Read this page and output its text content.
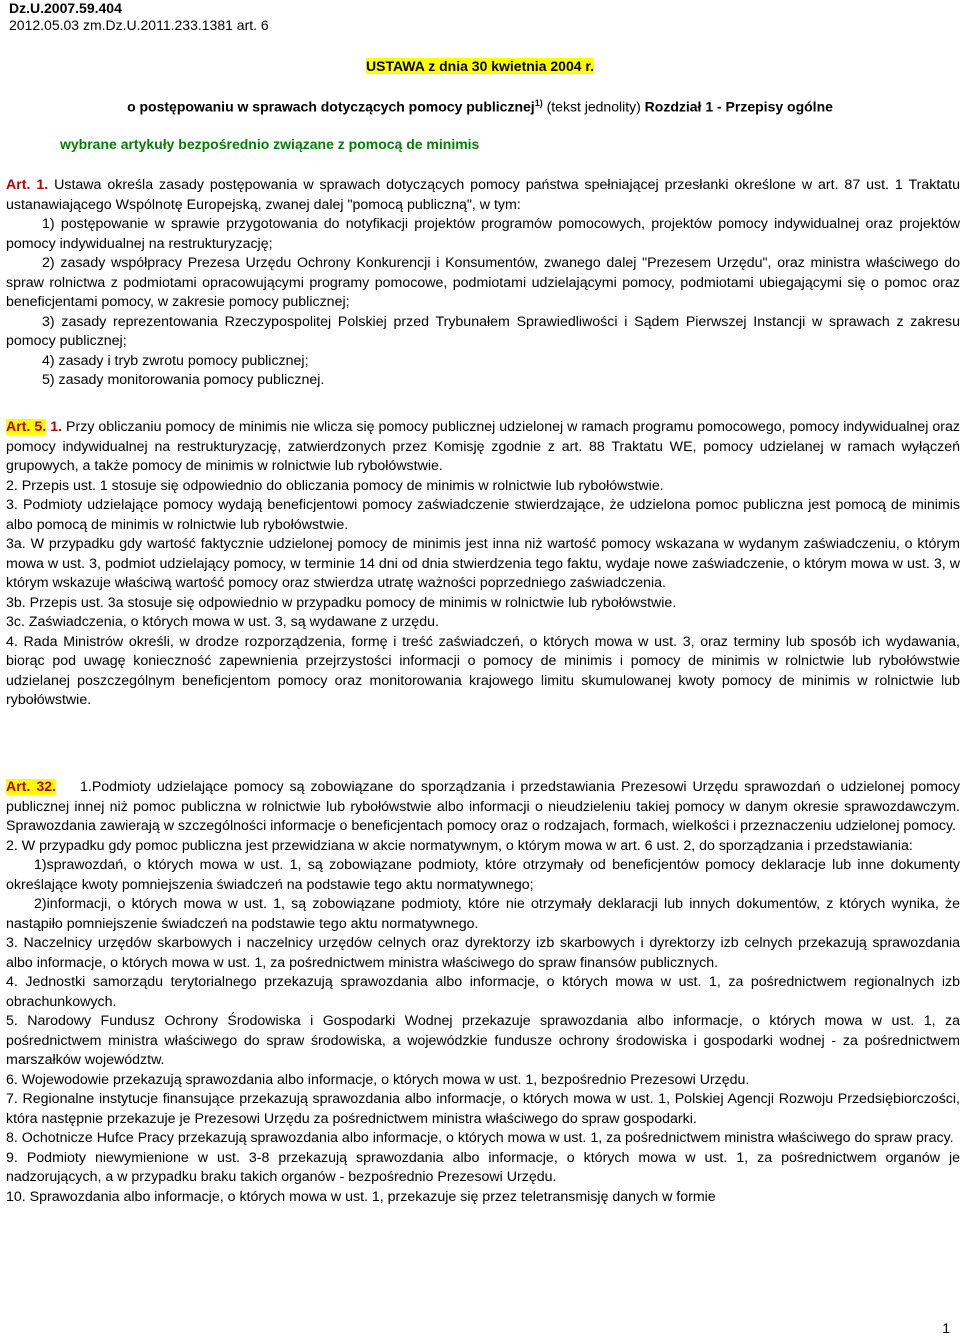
Dz.U.2007.59.404
2012.05.03 zm.Dz.U.2011.233.1381 art. 6
USTAWA z dnia 30 kwietnia 2004 r.
o postępowaniu w sprawach dotyczących pomocy publicznej$^{1)}$ (tekst jednolity) Rozdział 1 - Przepisy ogólne
wybrane artykuły bezpośrednio związane z pomocą de minimis

Art. 1. Ustawa określa zasady postępowania w sprawach dotyczących pomocy państwa spełniającej przesłanki określone w art. 87 ust. 1 Traktatu ustanawiającego Wspólnotę Europejską, zwanej dalej "pomocą publiczną", w tym:

1) postępowanie w sprawie przygotowania do notyfikacji projektów programów pomocowych, projektów pomocy indywidualnej oraz projektów pomocy indywidualnej na restrukturyzację;

2) zasady współpracy Prezesa Urzędu Ochrony Konkurencji i Konsumentów, zwanego dalej "Prezesem Urzędu", oraz ministra właściwego do spraw rolnictwa z podmiotami opracowującymi programy pomocowe, podmiotami udzielającymi pomocy, podmiotami ubiegającymi się o pomoc oraz beneficjentami pomocy, w zakresie pomocy publicznej;

3) zasady reprezentowania Rzeczypospolitej Polskiej przed Trybunałem Sprawiedliwości i Sądem Pierwszej Instancji w sprawach z zakresu pomocy publicznej;

4) zasady i tryb zwrotu pomocy publicznej;

5) zasady monitorowania pomocy publicznej.

Art. 5. 1. Przy obliczaniu pomocy de minimis nie wlicza się pomocy publicznej udzielonej w ramach programu pomocowego, pomocy indywidualnej oraz pomocy indywidualnej na restrukturyzację, zatwierdzonych przez Komisję zgodnie z art. 88 Traktatu WE, pomocy udzielanej w ramach wyłączeń grupowych, a także pomocy de minimis w rolnictwie lub rybołówstwie.

2. Przepis ust. 1 stosuje się odpowiednio do obliczania pomocy de minimis w rolnictwie lub rybołówstwie.

3. Podmioty udzielające pomocy wydają beneficjentowi pomocy zaświadczenie stwierdzające, że udzielona pomoc publiczna jest pomocą de minimis albo pomocą de minimis w rolnictwie lub rybołówstwie.

3a. W przypadku gdy wartość faktycznie udzielonej pomocy de minimis jest inna niż wartość pomocy wskazana w wydanym zaświadczeniu, o którym mowa w ust. 3, podmiot udzielający pomocy, w terminie 14 dni od dnia stwierdzenia tego faktu, wydaje nowe zaświadczenie, o którym mowa w ust. 3, w którym wskazuje właściwą wartość pomocy oraz stwierdza utratę ważności poprzedniego zaświadczenia.

3b. Przepis ust. 3a stosuje się odpowiednio w przypadku pomocy de minimis w rolnictwie lub rybołówstwie.

3c. Zaświadczenia, o których mowa w ust. 3, są wydawane z urzędu.

4. Rada Ministrów określi, w drodze rozporządzenia, formę i treść zaświadczeń, o których mowa w ust. 3, oraz terminy lub sposób ich wydawania, biorąc pod uwagę konieczność zapewnienia przejrzystości informacji o pomocy de minimis i pomocy de minimis w rolnictwie lub rybołówstwie udzielanej poszczególnym beneficjentom pomocy oraz monitorowania krajowego limitu skumulowanej kwoty pomocy de minimis w rolnictwie lub rybołówstwie.

Art. 32. 1.Podmioty udzielające pomocy są zobowiązane do sporządzania i przedstawiania Prezesowi Urzędu sprawozdań o udzielonej pomocy publicznej innej niż pomoc publiczna w rolnictwie lub rybołówstwie albo informacji o nieudzieleniu takiej pomocy w danym okresie sprawozdawczym. Sprawozdania zawierają w szczególności informacje o beneficjentach pomocy oraz o rodzajach, formach, wielkości i przeznaczeniu udzielonej pomocy.

2. W przypadku gdy pomoc publiczna jest przewidziana w akcie normatywnym, o którym mowa w art. 6 ust. 2, do sporządzania i przedstawiania:

1)sprawozdań, o których mowa w ust. 1, są zobowiązane podmioty, które otrzymały od beneficjentów pomocy deklaracje lub inne dokumenty określające kwoty pomniejszenia świadczeń na podstawie tego aktu normatywnego;

2)informacji, o których mowa w ust. 1, są zobowiązane podmioty, które nie otrzymały deklaracji lub innych dokumentów, z których wynika, że nastąpiło pomniejszenie świadczeń na podstawie tego aktu normatywnego.

3. Naczelnicy urzędów skarbowych i naczelnicy urzędów celnych oraz dyrektorzy izb skarbowych i dyrektorzy izb celnych przekazują sprawozdania albo informacje, o których mowa w ust. 1, za pośrednictwem ministra właściwego do spraw finansów publicznych.

4. Jednostki samorządu terytorialnego przekazują sprawozdania albo informacje, o których mowa w ust. 1, za pośrednictwem regionalnych izb obrachunkowych.

5. Narodowy Fundusz Ochrony Środowiska i Gospodarki Wodnej przekazuje sprawozdania albo informacje, o których mowa w ust. 1, za pośrednictwem ministra właściwego do spraw środowiska, a wojewódzkie fundusze ochrony środowiska i gospodarki wodnej - za pośrednictwem marszałków województw.

6. Wojewodowie przekazują sprawozdania albo informacje, o których mowa w ust. 1, bezpośrednio Prezesowi Urzędu.

7. Regionalne instytucje finansujące przekazują sprawozdania albo informacje, o których mowa w ust. 1, Polskiej Agencji Rozwoju Przedsiębiorczości, która następnie przekazuje je Prezesowi Urzędu za pośrednictwem ministra właściwego do spraw gospodarki.

8. Ochotnicze Hufce Pracy przekazują sprawozdania albo informacje, o których mowa w ust. 1, za pośrednictwem ministra właściwego do spraw pracy.

9. Podmioty niewymienione w ust. 3-8 przekazują sprawozdania albo informacje, o których mowa w ust. 1, za pośrednictwem organów je nadzorujących, a w przypadku braku takich organów - bezpośrednio Prezesowi Urzędu.

10. Sprawozdania albo informacje, o których mowa w ust. 1, przekazuje się przez teletransmisję danych w formie

1
